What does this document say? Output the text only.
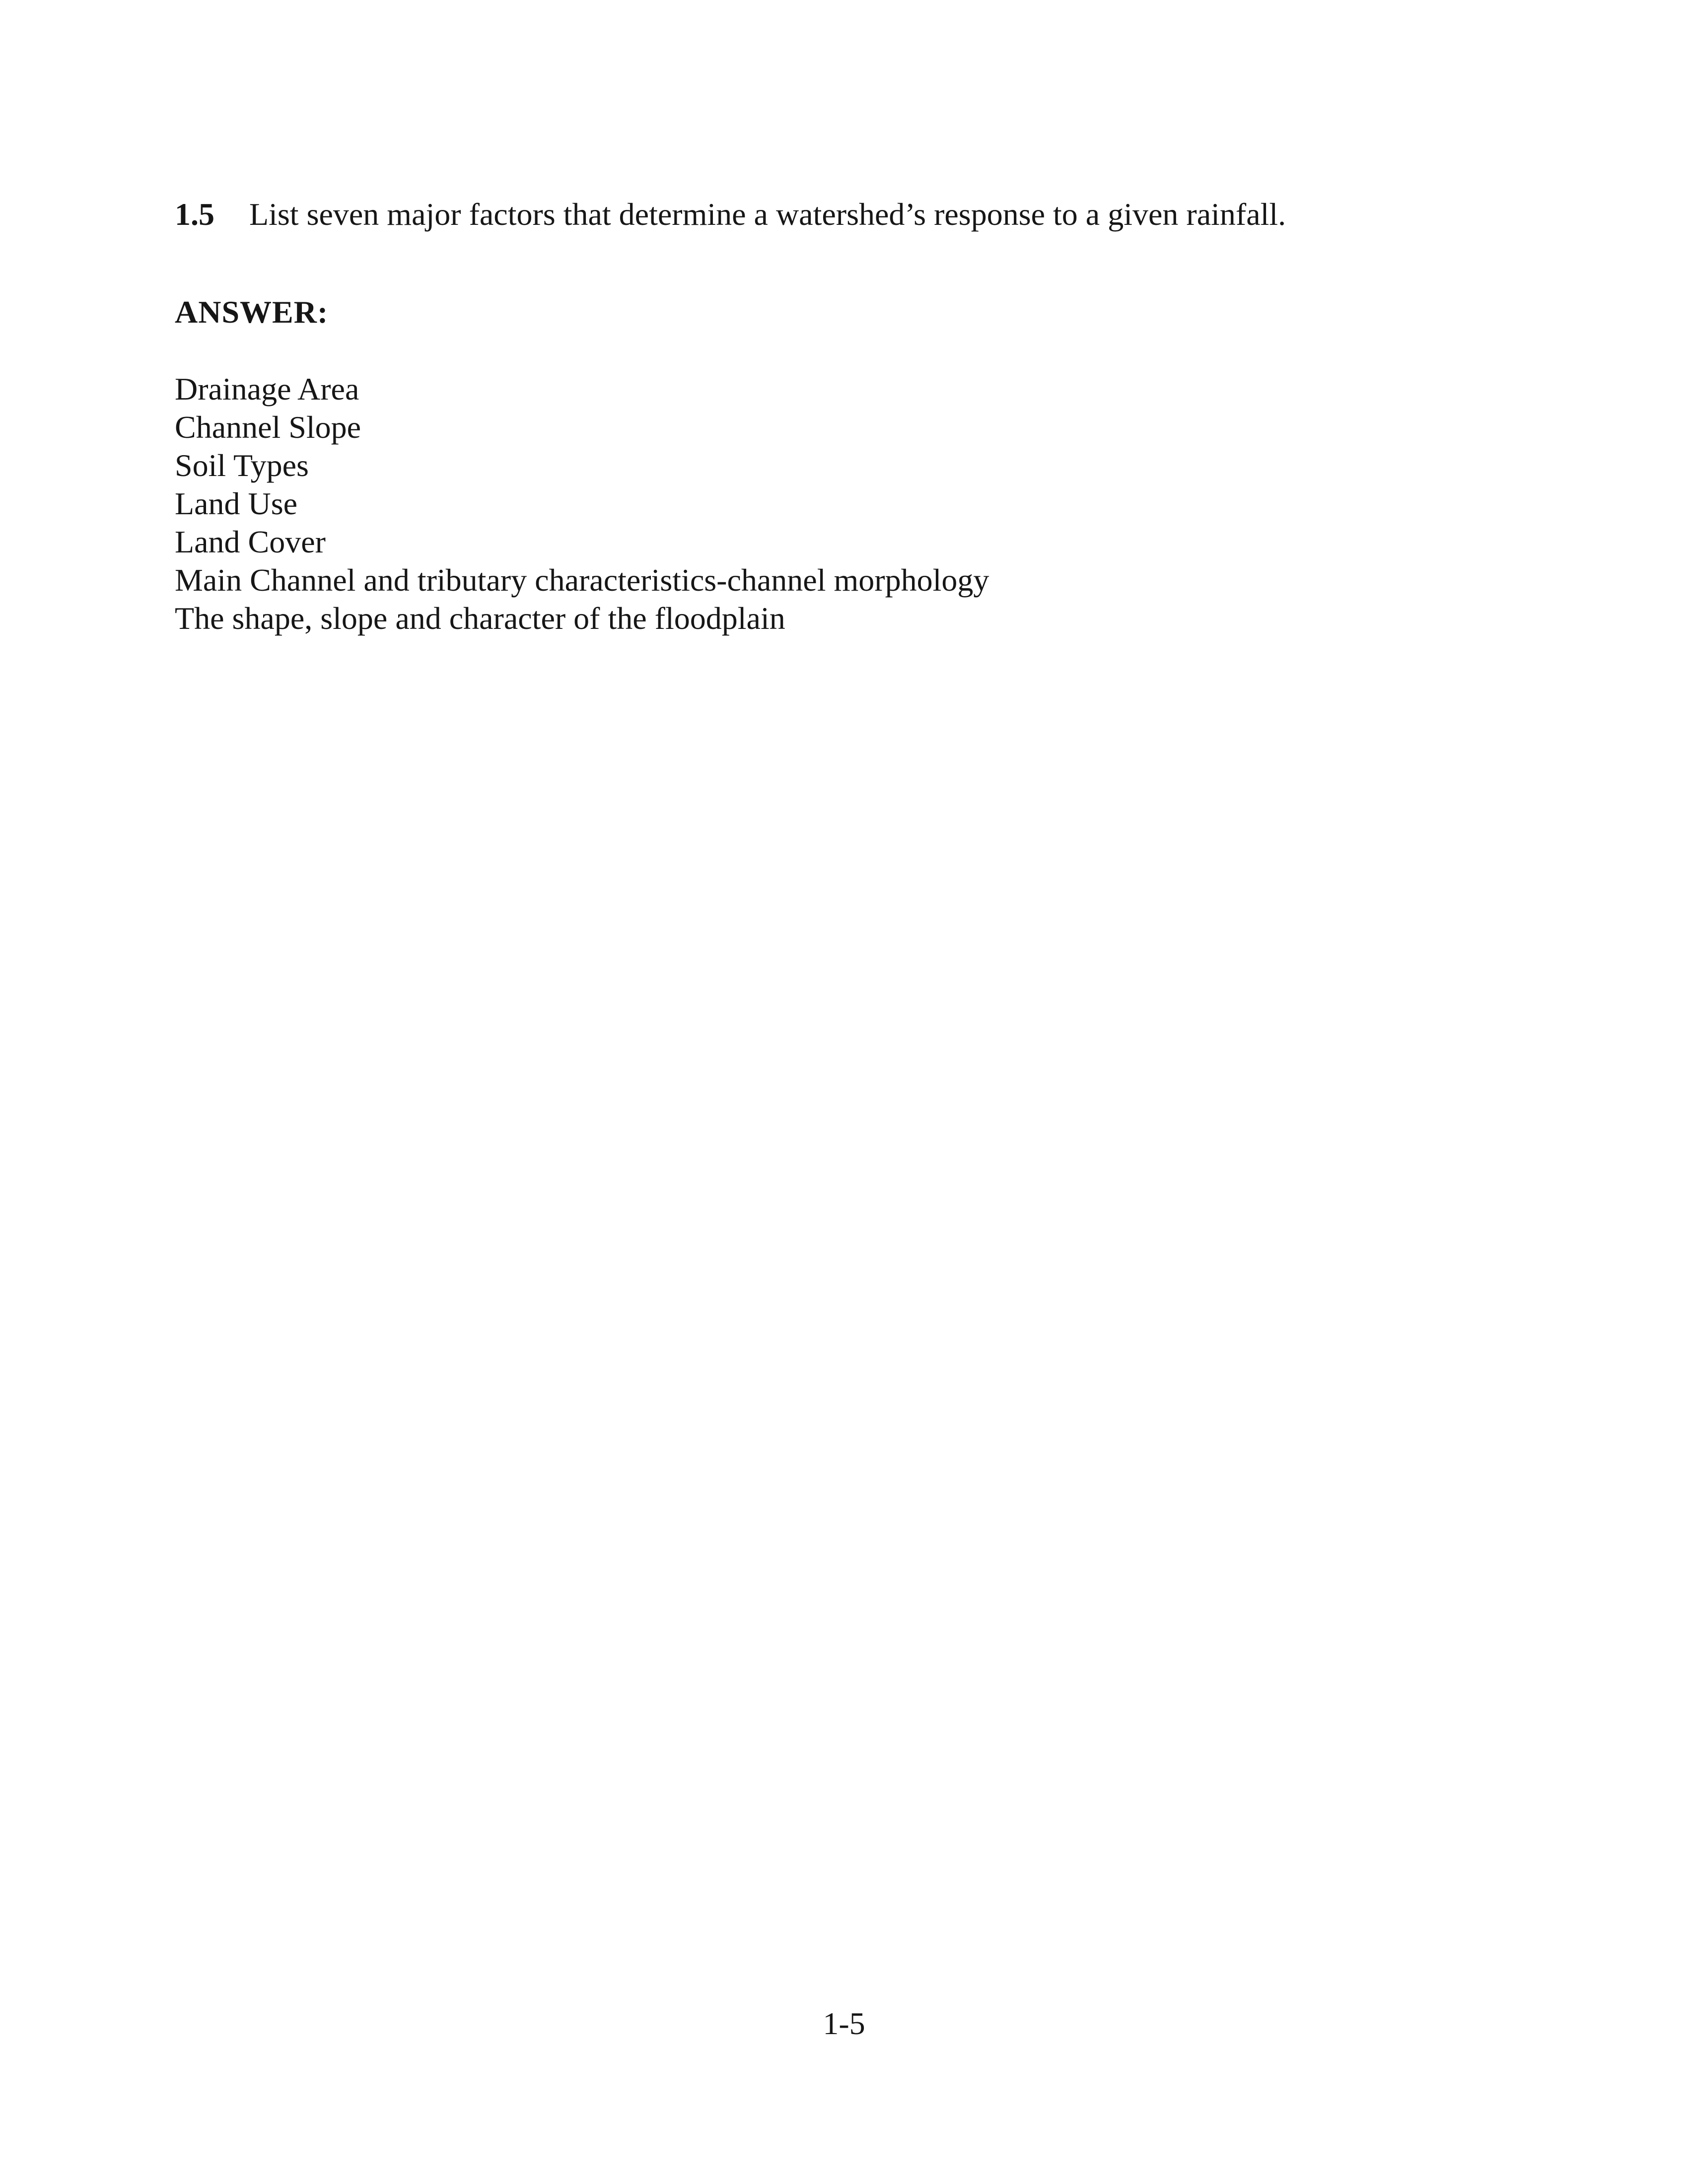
1.5 List seven major factors that determine a watershed’s response to a given rainfall.
ANSWER:
Drainage Area
Channel Slope
Soil Types
Land Use
Land Cover
Main Channel and tributary characteristics-channel morphology
The shape, slope and character of the floodplain
1-5
